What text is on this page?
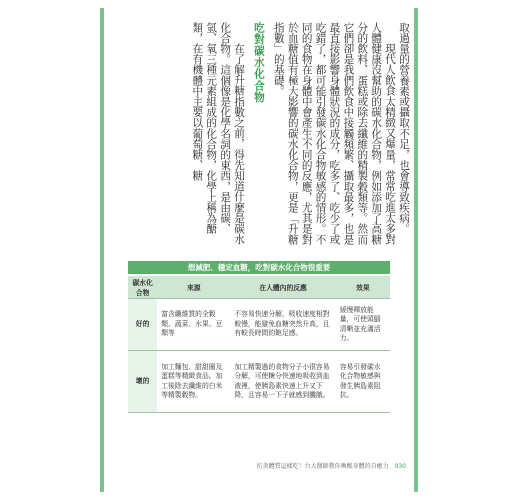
取過量的營養素或攝取不足，也會導致疾病。

現代人飲食太精緻又爆量，常常吃進太多對人體健康沒幫助的碳水化合物，例如添加了高糖分的飲料、蛋糕或除去纖維的精製穀類等。然而它們卻是我們飲食中接觸頻繁、攝取最多，也是最直接影響身體狀況的成分，吃多了、吃少了或吃錯了，都可能引發碳水化合物敏感的情形。不同的食物在身體中會產生不同的反應，尤其是對於血糖值有極大影響的碳水化合物，更是「升糖指數」的基礎。

吃對碳水化合物

在了解升糖指數之前，得先知道什麼是碳水化合物。這個像是化學名詞的東西，是由碳、氫、氧三種元素組成的化合物，化學上稱為醣類，在有機體中主要以葡萄糖、糖

想減肥、穩定血糖，吃對碳水化合物很重要
碳水化合物	來源	在人體內的反應	效果
好的	富含纖維質的全穀類、蔬菜、水果、豆類等	不容易快速分解，吸收速度相對較慢，能避免血糖突然升高，且有較長時間的飽足感。	緩慢釋放能量，可使頭腦清晰並充滿活力。
壞的	加工麵包、甜甜圈及蛋糕等精緻食品。加工後除去纖維的白米等精製穀物。	加工精製過的食物分子小很容易分解，可使糖分快速地吸收到血液裡，使胰島素快速上升又下降，且容易一下子就感到饑餓。	容易引發碳水化合物敏感與發生胰島素阻抗。
抗炎體質這樣吃！台大醫師教你喚醒身體的自癒力 030
